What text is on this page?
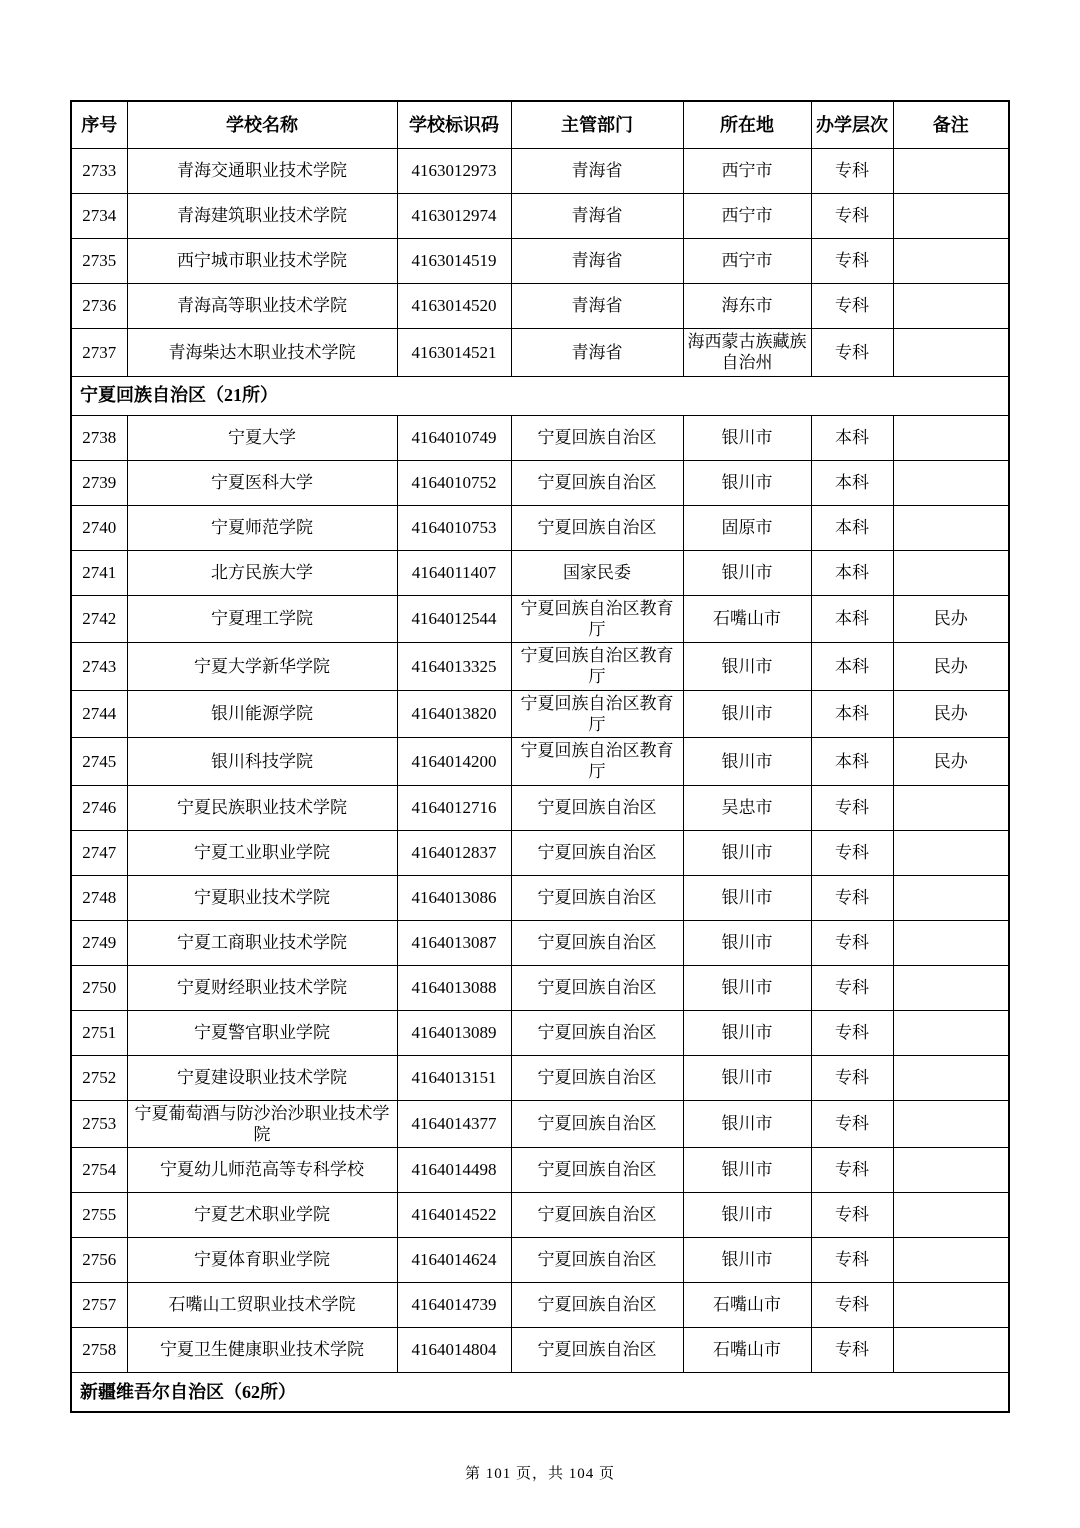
序号	学校名称	学校标识码	主管部门	所在地	办学层次	备注
2733	青海交通职业技术学院	4163012973	青海省	西宁市	专科	
2734	青海建筑职业技术学院	4163012974	青海省	西宁市	专科	
2735	西宁城市职业技术学院	4163014519	青海省	西宁市	专科	
2736	青海高等职业技术学院	4163014520	青海省	海东市	专科	
2737	青海柴达木职业技术学院	4163014521	青海省	海西蒙古族藏族自治州	专科	
宁夏回族自治区（21所）						
2738	宁夏大学	4164010749	宁夏回族自治区	银川市	本科	
2739	宁夏医科大学	4164010752	宁夏回族自治区	银川市	本科	
2740	宁夏师范学院	4164010753	宁夏回族自治区	固原市	本科	
2741	北方民族大学	4164011407	国家民委	银川市	本科	
2742	宁夏理工学院	4164012544	宁夏回族自治区教育厅	石嘴山市	本科	民办
2743	宁夏大学新华学院	4164013325	宁夏回族自治区教育厅	银川市	本科	民办
2744	银川能源学院	4164013820	宁夏回族自治区教育厅	银川市	本科	民办
2745	银川科技学院	4164014200	宁夏回族自治区教育厅	银川市	本科	民办
2746	宁夏民族职业技术学院	4164012716	宁夏回族自治区	吴忠市	专科	
2747	宁夏工业职业学院	4164012837	宁夏回族自治区	银川市	专科	
2748	宁夏职业技术学院	4164013086	宁夏回族自治区	银川市	专科	
2749	宁夏工商职业技术学院	4164013087	宁夏回族自治区	银川市	专科	
2750	宁夏财经职业技术学院	4164013088	宁夏回族自治区	银川市	专科	
2751	宁夏警官职业学院	4164013089	宁夏回族自治区	银川市	专科	
2752	宁夏建设职业技术学院	4164013151	宁夏回族自治区	银川市	专科	
2753	宁夏葡萄酒与防沙治沙职业技术学院	4164014377	宁夏回族自治区	银川市	专科	
2754	宁夏幼儿师范高等专科学校	4164014498	宁夏回族自治区	银川市	专科	
2755	宁夏艺术职业学院	4164014522	宁夏回族自治区	银川市	专科	
2756	宁夏体育职业学院	4164014624	宁夏回族自治区	银川市	专科	
2757	石嘴山工贸职业技术学院	4164014739	宁夏回族自治区	石嘴山市	专科	
2758	宁夏卫生健康职业技术学院	4164014804	宁夏回族自治区	石嘴山市	专科	
新疆维吾尔自治区（62所）						
第 101 页，共 104 页
